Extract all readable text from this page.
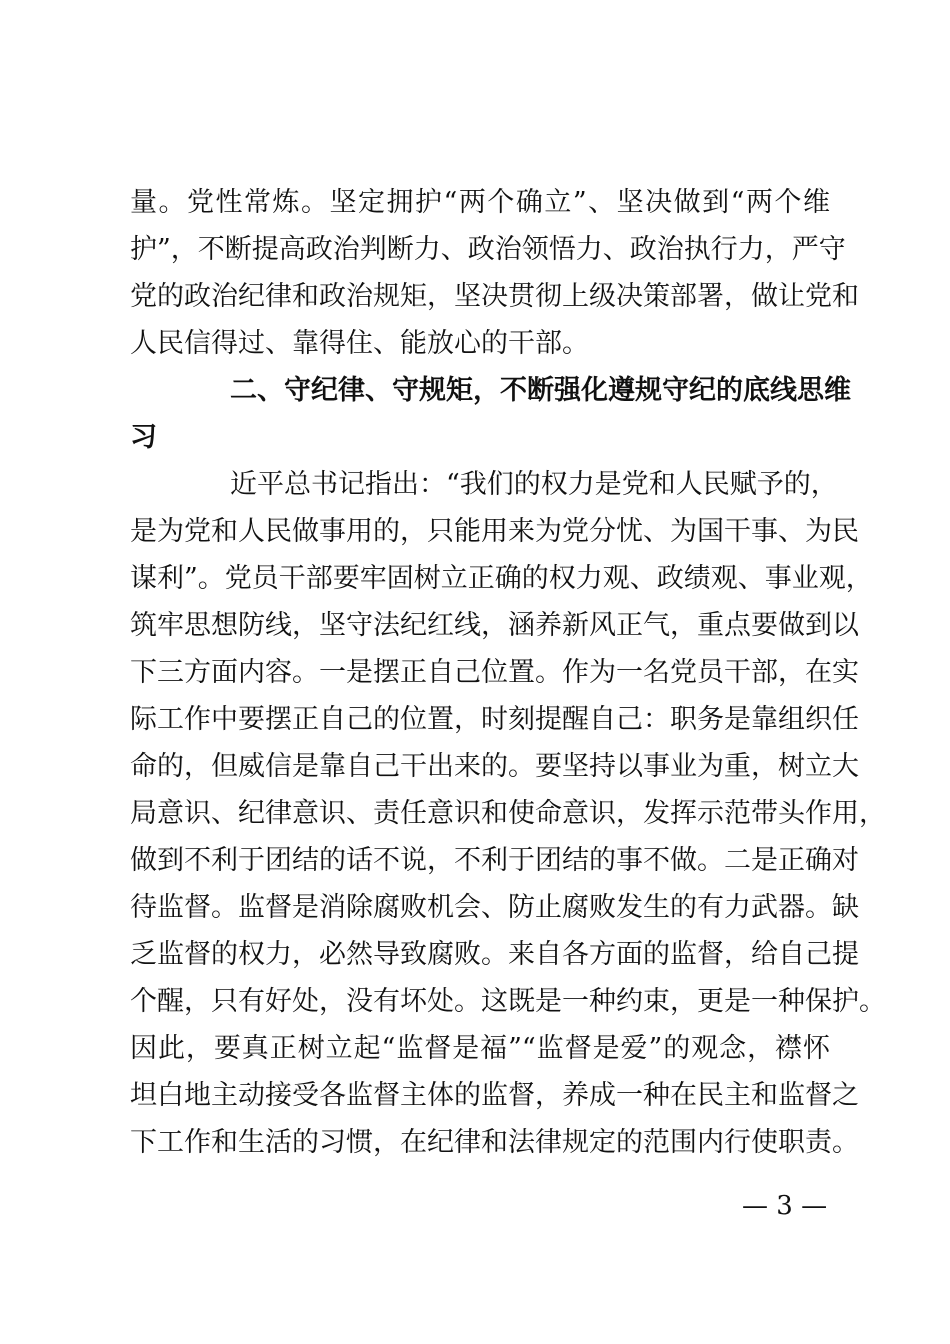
量。党性常炼。坚定拥护“两个确立”、坚决做到“两个维
护”，不断提高政治判断力、政治领悟力、政治执行力，严守
党的政治纪律和政治规矩，坚决贯彻上级决策部署，做让党和
人民信得过、靠得住、能放心的干部。
二、守纪律、守规矩，不断强化遵规守纪的底线思维
习
近平总书记指出：“我们的权力是党和人民赋予的，
是为党和人民做事用的，只能用来为党分忧、为国干事、为民
谋利”。党员干部要牢固树立正确的权力观、政绩观、事业观，
筑牢思想防线，坚守法纪红线，涵养新风正气，重点要做到以
下三方面内容。一是摆正自己位置。作为一名党员干部，在实
际工作中要摆正自己的位置，时刻提醒自己：职务是靠组织任
命的，但威信是靠自己干出来的。要坚持以事业为重，树立大
局意识、纪律意识、责任意识和使命意识，发挥示范带头作用，
做到不利于团结的话不说，不利于团结的事不做。二是正确对
待监督。监督是消除腐败机会、防止腐败发生的有力武器。缺
乏监督的权力，必然导致腐败。来自各方面的监督，给自己提
个醒，只有好处，没有坏处。这既是一种约束，更是一种保护。
因此，要真正树立起“监督是福”“监督是爱”的观念，襟怀
坦白地主动接受各监督主体的监督，养成一种在民主和监督之
下工作和生活的习惯，在纪律和法律规定的范围内行使职责。
— 3 —
